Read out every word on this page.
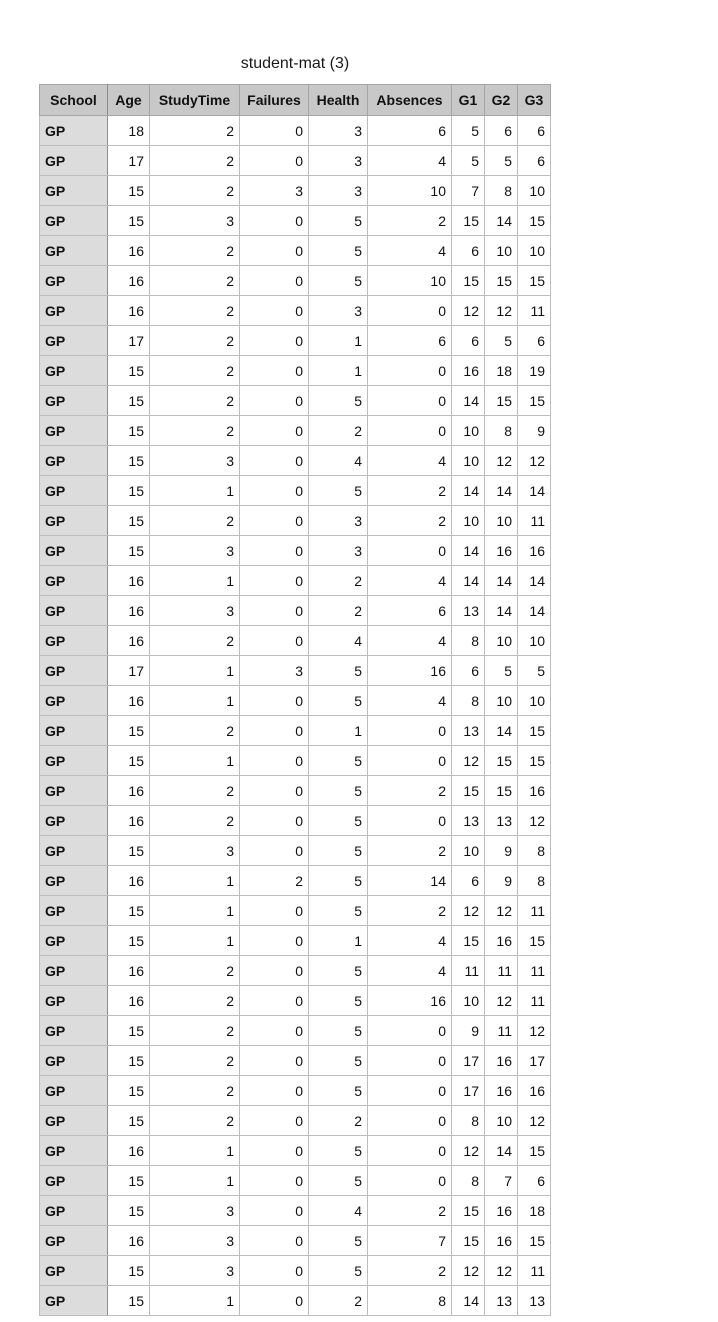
student-mat (3)
School	Age	StudyTime	Failures	Health	Absences	G1	G2	G3
GP	18	2	0	3	6	5	6	6
GP	17	2	0	3	4	5	5	6
GP	15	2	3	3	10	7	8	10
GP	15	3	0	5	2	15	14	15
GP	16	2	0	5	4	6	10	10
GP	16	2	0	5	10	15	15	15
GP	16	2	0	3	0	12	12	11
GP	17	2	0	1	6	6	5	6
GP	15	2	0	1	0	16	18	19
GP	15	2	0	5	0	14	15	15
GP	15	2	0	2	0	10	8	9
GP	15	3	0	4	4	10	12	12
GP	15	1	0	5	2	14	14	14
GP	15	2	0	3	2	10	10	11
GP	15	3	0	3	0	14	16	16
GP	16	1	0	2	4	14	14	14
GP	16	3	0	2	6	13	14	14
GP	16	2	0	4	4	8	10	10
GP	17	1	3	5	16	6	5	5
GP	16	1	0	5	4	8	10	10
GP	15	2	0	1	0	13	14	15
GP	15	1	0	5	0	12	15	15
GP	16	2	0	5	2	15	15	16
GP	16	2	0	5	0	13	13	12
GP	15	3	0	5	2	10	9	8
GP	16	1	2	5	14	6	9	8
GP	15	1	0	5	2	12	12	11
GP	15	1	0	1	4	15	16	15
GP	16	2	0	5	4	11	11	11
GP	16	2	0	5	16	10	12	11
GP	15	2	0	5	0	9	11	12
GP	15	2	0	5	0	17	16	17
GP	15	2	0	5	0	17	16	16
GP	15	2	0	2	0	8	10	12
GP	16	1	0	5	0	12	14	15
GP	15	1	0	5	0	8	7	6
GP	15	3	0	4	2	15	16	18
GP	16	3	0	5	7	15	16	15
GP	15	3	0	5	2	12	12	11
GP	15	1	0	2	8	14	13	13
